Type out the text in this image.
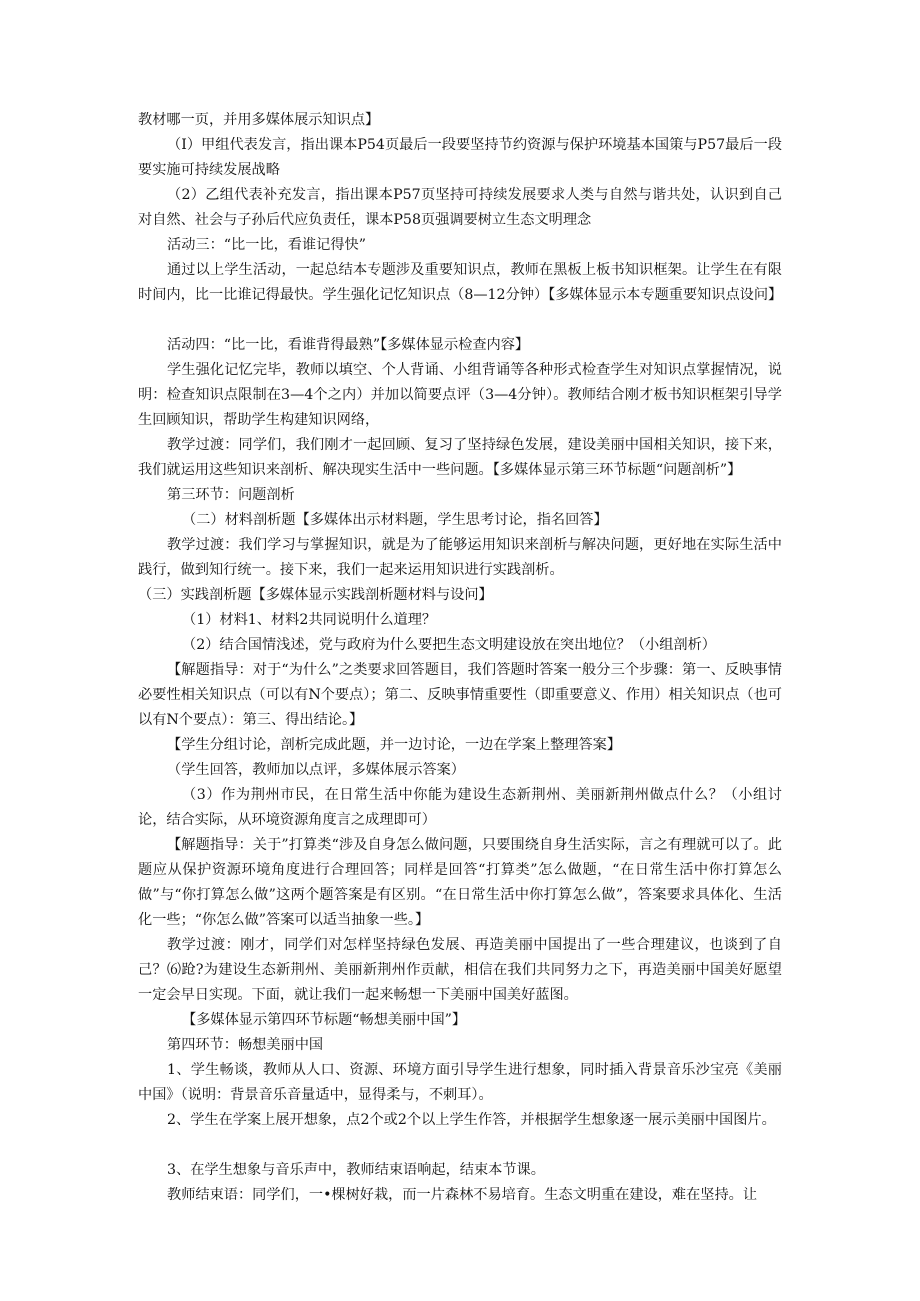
教材哪一页，并用多媒体展示知识点】

（I）甲组代表发言，指出课本P54页最后一段要坚持节约资源与保护环境基本国策与P57最后一段要实施可持续发展战略

（2）乙组代表补充发言，指出课本P57页坚持可持续发展要求人类与自然与谐共处，认识到自己对自然、社会与子孙后代应负责任，课本P58页强调要树立生态文明理念

活动三：“比一比，看谁记得快”

通过以上学生活动，一起总结本专题涉及重要知识点，教师在黑板上板书知识框架。让学生在有限时间内，比一比谁记得最快。学生强化记忆知识点（8—12分钟）【多媒体显示本专题重要知识点设问】

活动四：“比一比，看谁背得最熟”【多媒体显示检查内容】

学生强化记忆完毕，教师以填空、个人背诵、小组背诵等各种形式检查学生对知识点掌握情况，说明：检查知识点限制在3—4个之内）并加以简要点评（3—4分钟）。教师结合刚才板书知识框架引导学生回顾知识，帮助学生构建知识网络，

教学过渡：同学们，我们刚才一起回顾、复习了坚持绿色发展，建设美丽中国相关知识，接下来，我们就运用这些知识来剖析、解决现实生活中一些问题。【多媒体显示第三环节标题“问题剖析”】

第三环节：问题剖析

（二）材料剖析题【多媒体出示材料题，学生思考讨论，指名回答】

教学过渡：我们学习与掌握知识，就是为了能够运用知识来剖析与解决问题，更好地在实际生活中践行，做到知行统一。接下来，我们一起来运用知识进行实践剖析。

（三）实践剖析题【多媒体显示实践剖析题材料与设问】

（1）材料1、材料2共同说明什么道理？

（2）结合国情浅述，党与政府为什么要把生态文明建设放在突出地位？（小组剖析）

【解题指导：对于“为什么”之类要求回答题目，我们答题时答案一般分三个步骤：第一、反映事情必要性相关知识点（可以有N个要点）；第二、反映事情重要性（即重要意义、作用）相关知识点（也可以有N个要点）：第三、得出结论。】

【学生分组讨论，剖析完成此题，并一边讨论，一边在学案上整理答案】

（学生回答，教师加以点评，多媒体展示答案）

（3）作为荆州市民，在日常生活中你能为建设生态新荆州、美丽新荆州做点什么？（小组讨论，结合实际，从环境资源角度言之成理即可）

【解题指导：关于”打算类“涉及自身怎么做问题，只要围绕自身生活实际，言之有理就可以了。此题应从保护资源环境角度进行合理回答；同样是回答“打算类”怎么做题，“在日常生活中你打算怎么做”与“你打算怎么做”这两个题答案是有区别。“在日常生活中你打算怎么做”，答案要求具体化、生活化一些；“你怎么做”答案可以适当抽象一些。】

教学过渡：刚才，同学们对怎样坚持绿色发展、再造美丽中国提出了一些合理建议，也谈到了自己？⑹跄?为建设生态新荆州、美丽新荆州作贡献，相信在我们共同努力之下，再造美丽中国美好愿望一定会早日实现。下面，就让我们一起来畅想一下美丽中国美好蓝图。

【多媒体显示第四环节标题“畅想美丽中国”】

第四环节：畅想美丽中国

1、学生畅谈，教师从人口、资源、环境方面引导学生进行想象，同时插入背景音乐沙宝亮《美丽中国》（说明：背景音乐音量适中，显得柔与，不刺耳）。

2、学生在学案上展开想象，点2个或2个以上学生作答，并根据学生想象逐一展示美丽中国图片。

3、在学生想象与音乐声中，教师结束语响起，结束本节课。

教师结束语：同学们，一•棵树好栽，而一片森林不易培育。生态文明重在建设，难在坚持。让
